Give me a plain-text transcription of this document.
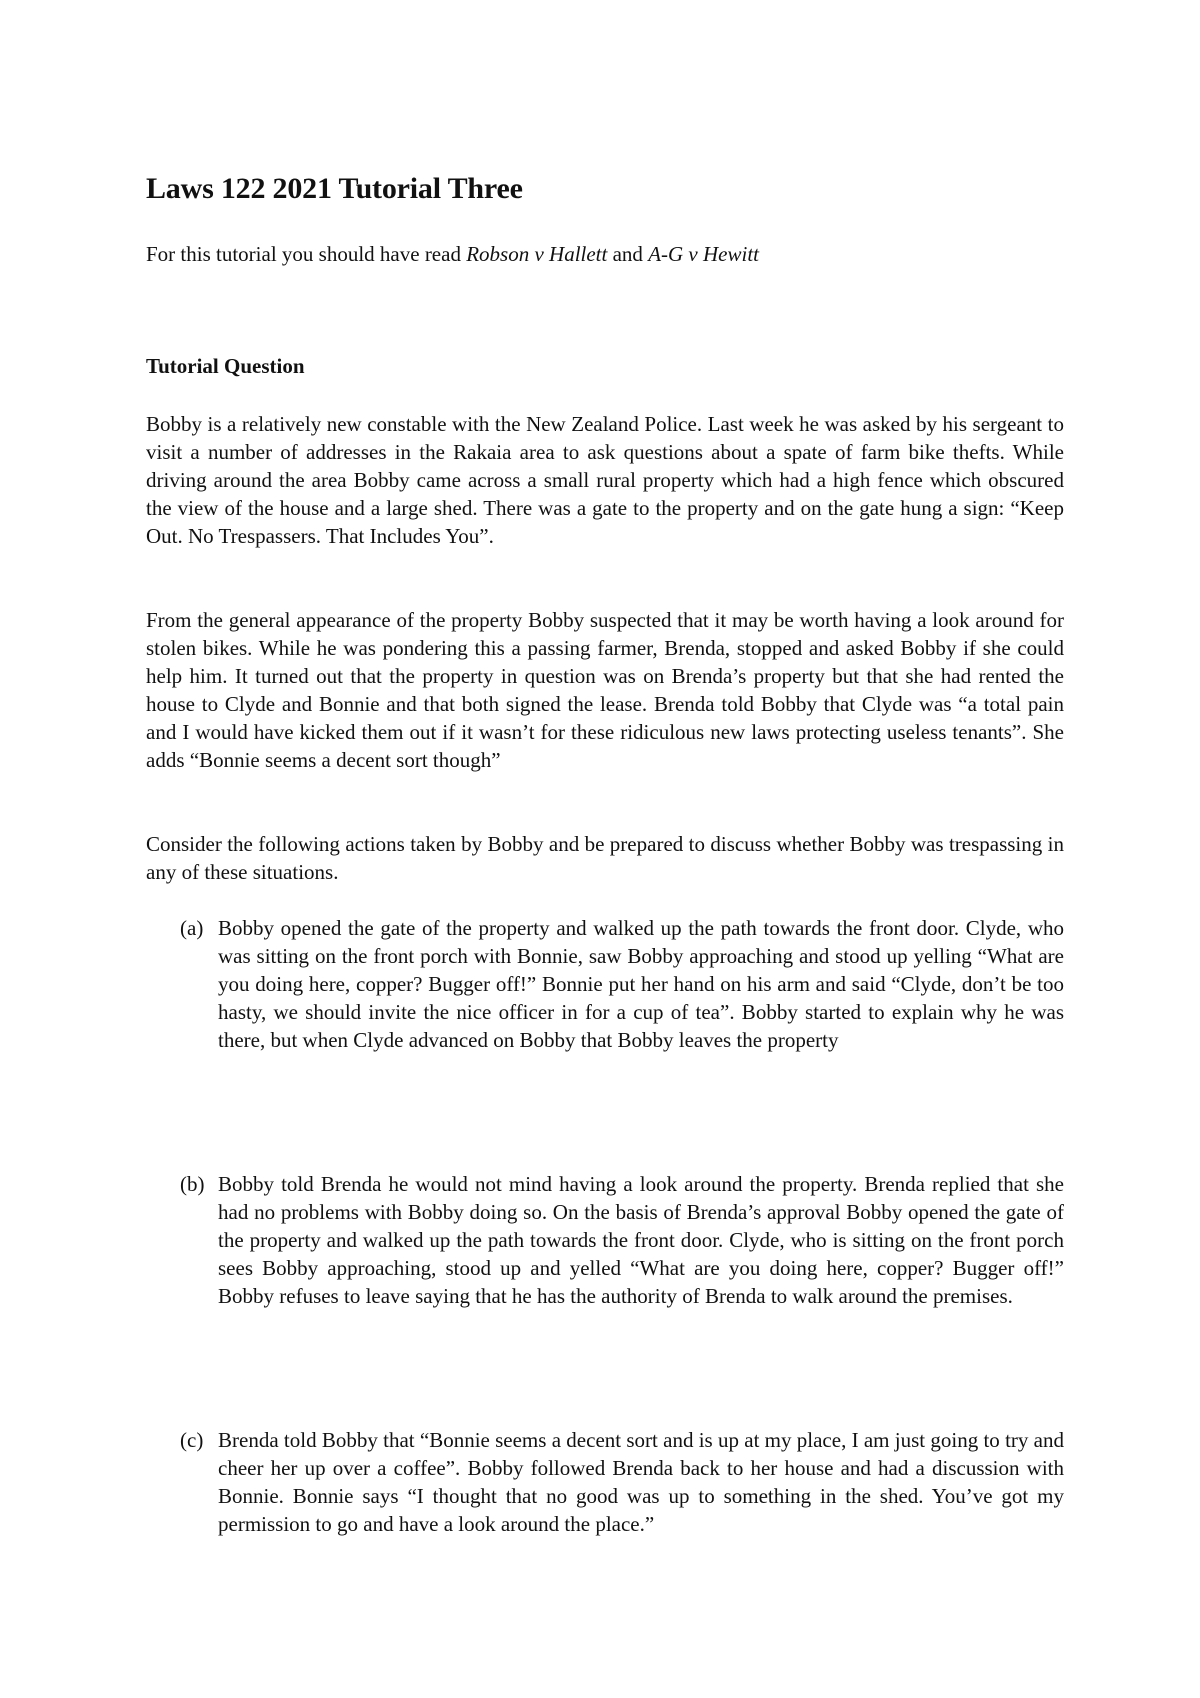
Laws 122 2021 Tutorial Three

For this tutorial you should have read Robson v Hallett and A-G v Hewitt

Tutorial Question

Bobby is a relatively new constable with the New Zealand Police. Last week he was asked by his sergeant to visit a number of addresses in the Rakaia area to ask questions about a spate of farm bike thefts. While driving around the area Bobby came across a small rural property which had a high fence which obscured the view of the house and a large shed. There was a gate to the property and on the gate hung a sign: “Keep Out. No Trespassers. That Includes You”.

From the general appearance of the property Bobby suspected that it may be worth having a look around for stolen bikes. While he was pondering this a passing farmer, Brenda, stopped and asked Bobby if she could help him. It turned out that the property in question was on Brenda’s property but that she had rented the house to Clyde and Bonnie and that both signed the lease. Brenda told Bobby that Clyde was “a total pain and I would have kicked them out if it wasn’t for these ridiculous new laws protecting useless tenants”. She adds “Bonnie seems a decent sort though”

Consider the following actions taken by Bobby and be prepared to discuss whether Bobby was trespassing in any of these situations.

(a) Bobby opened the gate of the property and walked up the path towards the front door. Clyde, who was sitting on the front porch with Bonnie, saw Bobby approaching and stood up yelling “What are you doing here, copper? Bugger off!” Bonnie put her hand on his arm and said “Clyde, don’t be too hasty, we should invite the nice officer in for a cup of tea”. Bobby started to explain why he was there, but when Clyde advanced on Bobby that Bobby leaves the property
(b) Bobby told Brenda he would not mind having a look around the property. Brenda replied that she had no problems with Bobby doing so. On the basis of Brenda’s approval Bobby opened the gate of the property and walked up the path towards the front door. Clyde, who is sitting on the front porch sees Bobby approaching, stood up and yelled “What are you doing here, copper? Bugger off!” Bobby refuses to leave saying that he has the authority of Brenda to walk around the premises.
(c) Brenda told Bobby that “Bonnie seems a decent sort and is up at my place, I am just going to try and cheer her up over a coffee”. Bobby followed Brenda back to her house and had a discussion with Bonnie. Bonnie says “I thought that no good was up to something in the shed. You’ve got my permission to go and have a look around the place.”
